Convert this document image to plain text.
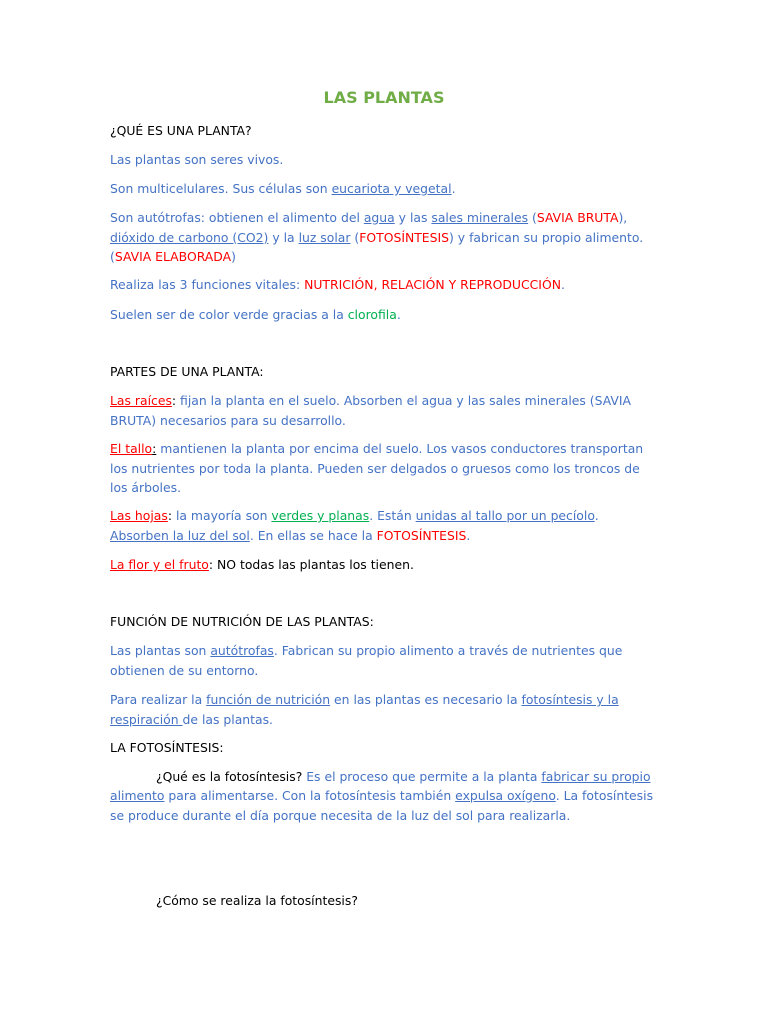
LAS PLANTAS

¿QUÉ ES UNA PLANTA?

Las plantas son seres vivos.

Son multicelulares. Sus células son eucariota y vegetal.

Son autótrofas: obtienen el alimento del agua y las sales minerales (SAVIA BRUTA),
dióxido de carbono (CO2) y la luz solar (FOTOSÍNTESIS) y fabrican su propio alimento.
(SAVIA ELABORADA)

Realiza las 3 funciones vitales: NUTRICIÓN, RELACIÓN Y REPRODUCCIÓN.

Suelen ser de color verde gracias a la clorofila.

PARTES DE UNA PLANTA:

Las raíces: fijan la planta en el suelo. Absorben el agua y las sales minerales (SAVIA BRUTA) necesarios para su desarrollo.

El tallo: mantienen la planta por encima del suelo. Los vasos conductores transportan los nutrientes por toda la planta. Pueden ser delgados o gruesos como los troncos de los árboles.

Las hojas: la mayoría son verdes y planas. Están unidas al tallo por un pecíolo.
Absorben la luz del sol. En ellas se hace la FOTOSÍNTESIS.

La flor y el fruto: NO todas las plantas los tienen.

FUNCIÓN DE NUTRICIÓN DE LAS PLANTAS:

Las plantas son autótrofas. Fabrican su propio alimento a través de nutrientes que obtienen de su entorno.

Para realizar la función de nutrición en las plantas es necesario la fotosíntesis y la
respiración de las plantas.

LA FOTOSÍNTESIS:

¿Qué es la fotosíntesis? Es el proceso que permite a la planta fabricar su propio

alimento para alimentarse. Con la fotosíntesis también expulsa oxígeno. La fotosíntesis se produce durante el día porque necesita de la luz del sol para realizarla.

¿Cómo se realiza la fotosíntesis?
